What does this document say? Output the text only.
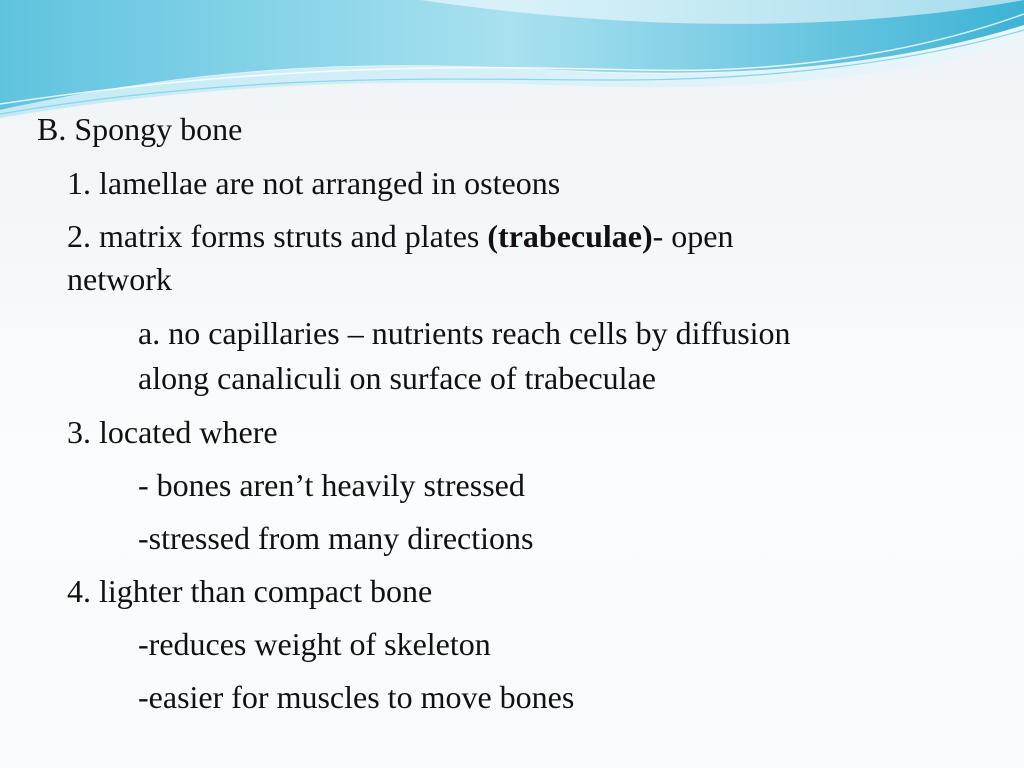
B. Spongy bone

1. lamellae are not arranged in osteons

2. matrix forms struts and plates (trabeculae)- open

network

a. no capillaries – nutrients reach cells by diffusion

along canaliculi on surface of trabeculae

3. located where

- bones aren’t heavily stressed

-stressed from many directions

4. lighter than compact bone

-reduces weight of skeleton

-easier for muscles to move bones
